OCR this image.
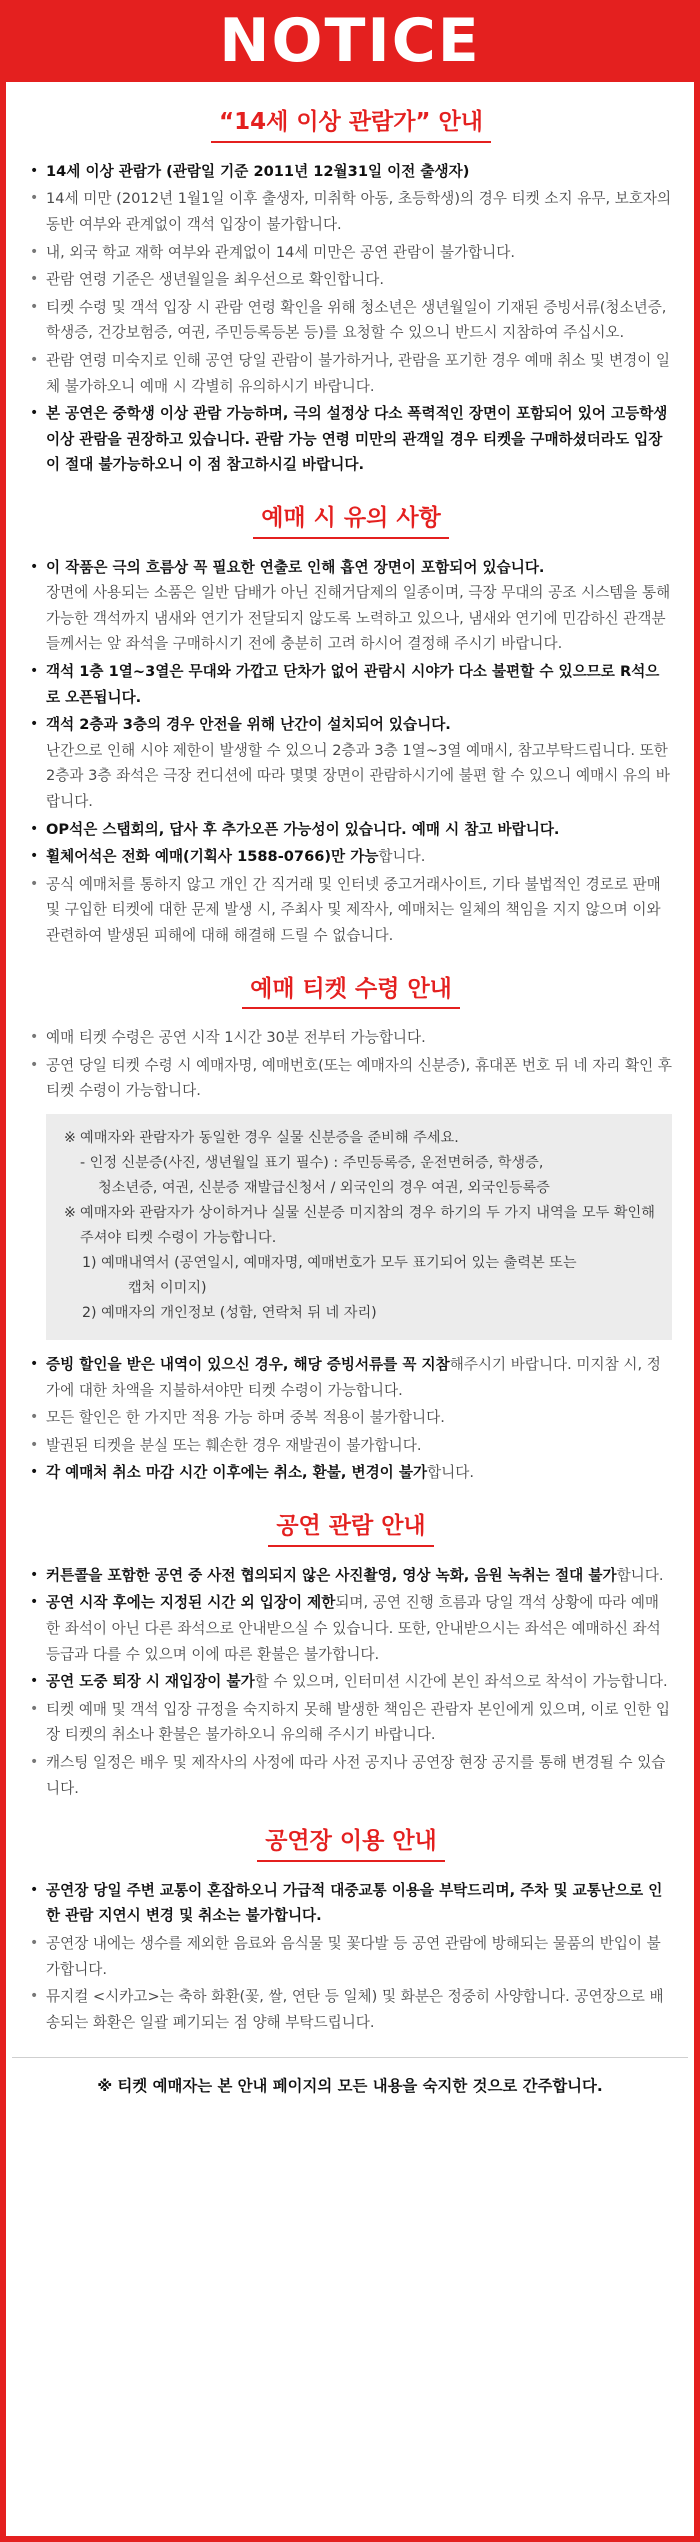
NOTICE
“14세 이상 관람가” 안내
• 14세 이상 관람가 (관람일 기준 2011년 12월31일 이전 출생자)
• 14세 미만 (2012년 1월1일 이후 출생자, 미취학 아동, 초등학생)의 경우 티켓 소지 유무, 보호자의 동반 여부와 관계없이 객석 입장이 불가합니다.
• 내, 외국 학교 재학 여부와 관계없이 14세 미만은 공연 관람이 불가합니다.
• 관람 연령 기준은 생년월일을 최우선으로 확인합니다.
• 티켓 수령 및 객석 입장 시 관람 연령 확인을 위해 청소년은 생년월일이 기재된 증빙서류(청소년증, 학생증, 건강보험증, 여권, 주민등록등본 등)를 요청할 수 있으니 반드시 지참하여 주십시오.
• 관람 연령 미숙지로 인해 공연 당일 관람이 불가하거나, 관람을 포기한 경우 예매 취소 및 변경이 일체 불가하오니 예매 시 각별히 유의하시기 바랍니다.
• 본 공연은 중학생 이상 관람 가능하며, 극의 설정상 다소 폭력적인 장면이 포함되어 있어 고등학생 이상 관람을 권장하고 있습니다. 관람 가능 연령 미만의 관객일 경우 티켓을 구매하셨더라도 입장이 절대 불가능하오니 이 점 참고하시길 바랍니다.
예매 시 유의 사항
• 이 작품은 극의 흐름상 꼭 필요한 연출로 인해 흡연 장면이 포함되어 있습니다.
장면에 사용되는 소품은 일반 담배가 아닌 진해거담제의 일종이며, 극장 무대의 공조 시스템을 통해 가능한 객석까지 냄새와 연기가 전달되지 않도록 노력하고 있으나, 냄새와 연기에 민감하신 관객분들께서는 앞 좌석을 구매하시기 전에 충분히 고려 하시어 결정해 주시기 바랍니다.
• 객석 1층 1열~3열은 무대와 가깝고 단차가 없어 관람시 시야가 다소 불편할 수 있으므로 R석으로 오픈됩니다.
• 객석 2층과 3층의 경우 안전을 위해 난간이 설치되어 있습니다.
난간으로 인해 시야 제한이 발생할 수 있으니 2층과 3층 1열~3열 예매시, 참고부탁드립니다. 또한 2층과 3층 좌석은 극장 컨디션에 따라 몇몇 장면이 관람하시기에 불편 할 수 있으니 예매시 유의 바랍니다.
• OP석은 스탭회의, 답사 후 추가오픈 가능성이 있습니다. 예매 시 참고 바랍니다.
• 휠체어석은 전화 예매(기획사 1588-0766)만 가능합니다.
• 공식 예매처를 통하지 않고 개인 간 직거래 및 인터넷 중고거래사이트, 기타 불법적인 경로로 판매 및 구입한 티켓에 대한 문제 발생 시, 주최사 및 제작사, 예매처는 일체의 책임을 지지 않으며 이와 관련하여 발생된 피해에 대해 해결해 드릴 수 없습니다.
예매 티켓 수령 안내
• 예매 티켓 수령은 공연 시작 1시간 30분 전부터 가능합니다.
• 공연 당일 티켓 수령 시 예매자명, 예매번호(또는 예매자의 신분증), 휴대폰 번호 뒤 네 자리 확인 후 티켓 수령이 가능합니다.
※ 예매자와 관람자가 동일한 경우 실물 신분증을 준비해 주세요.
- 인정 신분증(사진, 생년월일 표기 필수) : 주민등록증, 운전면허증, 학생증,
청소년증, 여권, 신분증 재발급신청서 / 외국인의 경우 여권, 외국인등록증
※ 예매자와 관람자가 상이하거나 실물 신분증 미지참의 경우 하기의 두 가지 내역을 모두 확인해 주셔야 티켓 수령이 가능합니다.
1) 예매내역서 (공연일시, 예매자명, 예매번호가 모두 표기되어 있는 출력본 또는
캡처 이미지)
2) 예매자의 개인정보 (성함, 연락처 뒤 네 자리)
• 증빙 할인을 받은 내역이 있으신 경우, 해당 증빙서류를 꼭 지참해주시기 바랍니다. 미지참 시, 정가에 대한 차액을 지불하셔야만 티켓 수령이 가능합니다.
• 모든 할인은 한 가지만 적용 가능 하며 중복 적용이 불가합니다.
• 발권된 티켓을 분실 또는 훼손한 경우 재발권이 불가합니다.
• 각 예매처 취소 마감 시간 이후에는 취소, 환불, 변경이 불가합니다.
공연 관람 안내
• 커튼콜을 포함한 공연 중 사전 협의되지 않은 사진촬영, 영상 녹화, 음원 녹취는 절대 불가합니다.
• 공연 시작 후에는 지정된 시간 외 입장이 제한되며, 공연 진행 흐름과 당일 객석 상황에 따라 예매한 좌석이 아닌 다른 좌석으로 안내받으실 수 있습니다. 또한, 안내받으시는 좌석은 예매하신 좌석 등급과 다를 수 있으며 이에 따른 환불은 불가합니다.
• 공연 도중 퇴장 시 재입장이 불가할 수 있으며, 인터미션 시간에 본인 좌석으로 착석이 가능합니다.
• 티켓 예매 및 객석 입장 규정을 숙지하지 못해 발생한 책임은 관람자 본인에게 있으며, 이로 인한 입장 티켓의 취소나 환불은 불가하오니 유의해 주시기 바랍니다.
• 캐스팅 일정은 배우 및 제작사의 사정에 따라 사전 공지나 공연장 현장 공지를 통해 변경될 수 있습니다.
공연장 이용 안내
• 공연장 당일 주변 교통이 혼잡하오니 가급적 대중교통 이용을 부탁드리며, 주차 및 교통난으로 인한 관람 지연시 변경 및 취소는 불가합니다.
• 공연장 내에는 생수를 제외한 음료와 음식물 및 꽃다발 등 공연 관람에 방해되는 물품의 반입이 불가합니다.
• 뮤지컬 <시카고>는 축하 화환(꽃, 쌀, 연탄 등 일체) 및 화분은 정중히 사양합니다. 공연장으로 배송되는 화환은 일괄 폐기되는 점 양해 부탁드립니다.
※ 티켓 예매자는 본 안내 페이지의 모든 내용을 숙지한 것으로 간주합니다.
